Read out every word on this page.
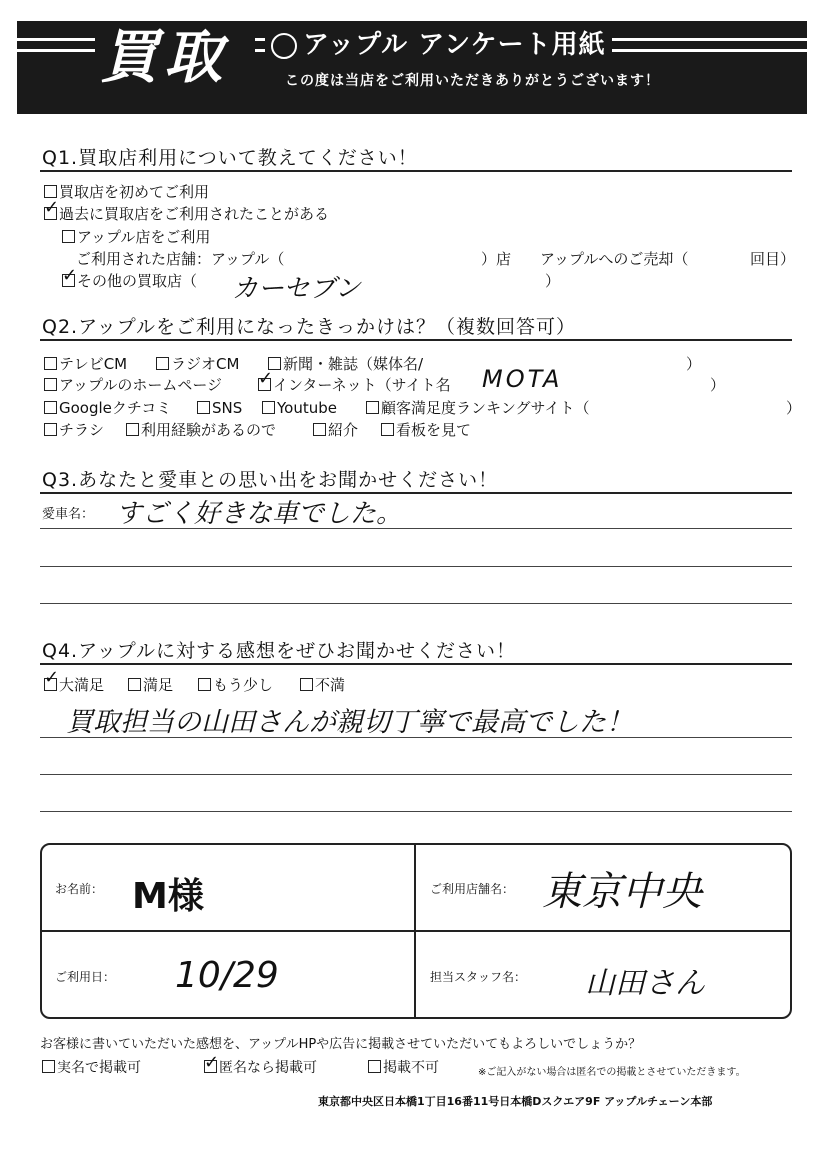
買取	アップル アンケート用紙
この度は当店をご利用いただきありがとうございます！
Q1.買取店利用について教えてください！
買取店を初めてご利用
過去に買取店をご利用されたことがある
✓
アップル店をご利用
ご利用された店舗：アップル（	）店 アップルへのご売却（	回目）
その他の買取店（
✓	）
カーセブン
Q2.アップルをご利用になったきっかけは？（複数回答可）
テレビCM	ラジオCM	新聞・雑誌（媒体名/	）
アップルのホームページ	インターネット（サイト名
✓	MOTA	）
Googleクチコミ	SNS	Youtube	顧客満足度ランキングサイト（	）
チラシ	利用経験があるので	紹介	看板を見て
Q3.あなたと愛車との思い出をお聞かせください！
愛車名： すごく好きな車でした。
Q4.アップルに対する感想をぜひお聞かせください！
大満足
✓	満足	もう少し	不満
買取担当の山田さんが親切丁寧で最高でした！
お名前： M様	ご利用店舗名： 東京中央
ご利用日： 10/29	担当スタッフ名： 山田さん
お客様に書いていただいた感想を、アップルHPや広告に掲載させていただいてもよろしいでしょうか？
実名で掲載可	匿名なら掲載可
✓	掲載不可	※ご記入がない場合は匿名での掲載とさせていただきます。
東京都中央区日本橋1丁目16番11号日本橋Dスクエア9F アップルチェーン本部
